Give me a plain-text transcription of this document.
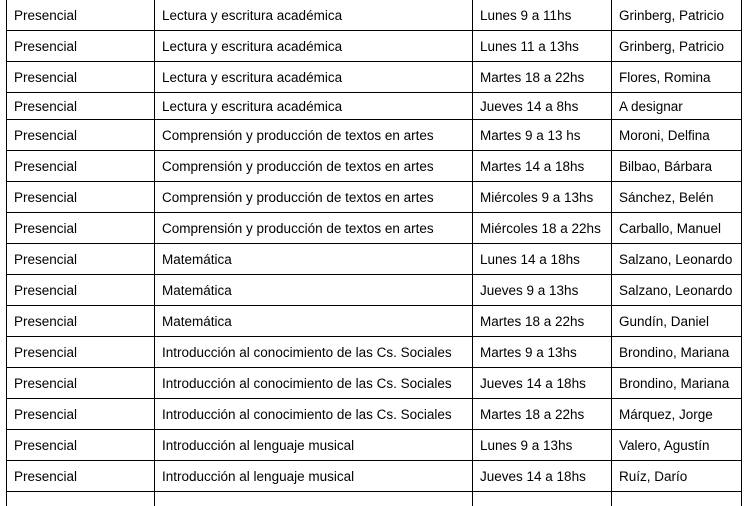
Presencial	Lectura y escritura académica	Lunes 9 a 11hs	Grinberg, Patricio
Presencial	Lectura y escritura académica	Lunes 11 a 13hs	Grinberg, Patricio
Presencial	Lectura y escritura académica	Martes 18 a 22hs	Flores, Romina
Presencial	Lectura y escritura académica	Jueves 14 a 8hs	A designar
Presencial	Comprensión y producción de textos en artes	Martes 9 a 13 hs	Moroni, Delfina
Presencial	Comprensión y producción de textos en artes	Martes 14 a 18hs	Bilbao, Bárbara
Presencial	Comprensión y producción de textos en artes	Miércoles 9 a 13hs	Sánchez, Belén
Presencial	Comprensión y producción de textos en artes	Miércoles 18 a 22hs	Carballo, Manuel
Presencial	Matemática	Lunes 14 a 18hs	Salzano, Leonardo
Presencial	Matemática	Jueves 9 a 13hs	Salzano, Leonardo
Presencial	Matemática	Martes 18 a 22hs	Gundín, Daniel
Presencial	Introducción al conocimiento de las Cs. Sociales	Martes 9 a 13hs	Brondino, Mariana
Presencial	Introducción al conocimiento de las Cs. Sociales	Jueves 14 a 18hs	Brondino, Mariana
Presencial	Introducción al conocimiento de las Cs. Sociales	Martes 18 a 22hs	Márquez, Jorge
Presencial	Introducción al lenguaje musical	Lunes 9 a 13hs	Valero, Agustín
Presencial	Introducción al lenguaje musical	Jueves 14 a 18hs	Ruíz, Darío
